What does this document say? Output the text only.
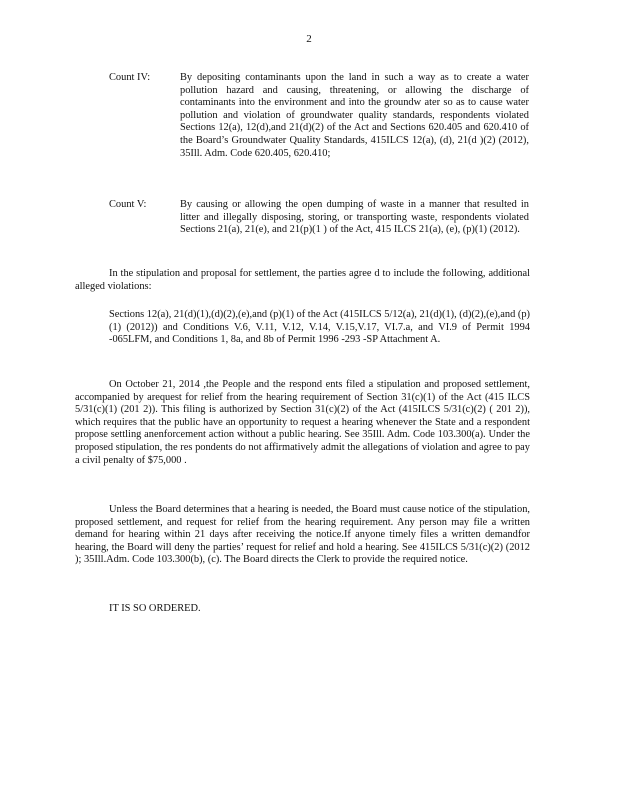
2
Count IV:	By depositing contaminants upon the land in such a way as to create a water pollution hazard and causing, threatening, or allowing the discharge of contaminants into the environment and into the groundw ater so as to cause water pollution and violation of groundwater quality standards, respondents violated Sections 12(a), 12(d),and 21(d)(2) of the Act and Sections 620.405 and 620.410 of the Board’s Groundwater Quality Standards, 415ILCS 12(a), (d), 21(d )(2) (2012), 35Ill. Adm. Code 620.405, 620.410;
Count V:	By causing or allowing the open dumping of waste in a manner that resulted in litter and illegally disposing, storing, or transporting waste, respondents violated Sections 21(a), 21(e), and 21(p)(1 ) of the Act, 415 ILCS 21(a), (e), (p)(1) (2012).
In the stipulation and proposal for settlement, the parties agree d to include the following, additional alleged violations:
Sections 12(a), 21(d)(1),(d)(2),(e),and (p)(1) of the Act (415ILCS 5/12(a), 21(d)(1), (d)(2),(e),and (p)(1) (2012)) and Conditions V.6, V.11, V.12, V.14, V.15,V.17, VI.7.a, and VI.9 of Permit 1994 -065LFM, and Conditions 1, 8a, and 8b of Permit 1996 -293 -SP Attachment A.
On October 21, 2014 ,the People and the respond ents filed a stipulation and proposed settlement, accompanied by arequest for relief from the hearing requirement of Section 31(c)(1) of the Act (415 ILCS 5/31(c)(1) (201 2)). This filing is authorized by Section 31(c)(2) of the Act (415ILCS 5/31(c)(2) ( 201 2)), which requires that the public have an opportunity to request a hearing whenever the State and a respondent propose settling anenforcement action without a public hearing. See 35Ill. Adm. Code 103.300(a). Under the proposed stipulation, the res pondents do not affirmatively admit the allegations of violation and agree to pay a civil penalty of $75,000 .
Unless the Board determines that a hearing is needed, the Board must cause notice of the stipulation, proposed settlement, and request for relief from the hearing requirement. Any person may file a written demand for hearing within 21 days after receiving the notice.If anyone timely files a written demandfor hearing, the Board will deny the parties’ request for relief and hold a hearing. See 415ILCS 5/31(c)(2) (2012 ); 35Ill.Adm. Code 103.300(b), (c). The Board directs the Clerk to provide the required notice.
IT IS SO ORDERED.
